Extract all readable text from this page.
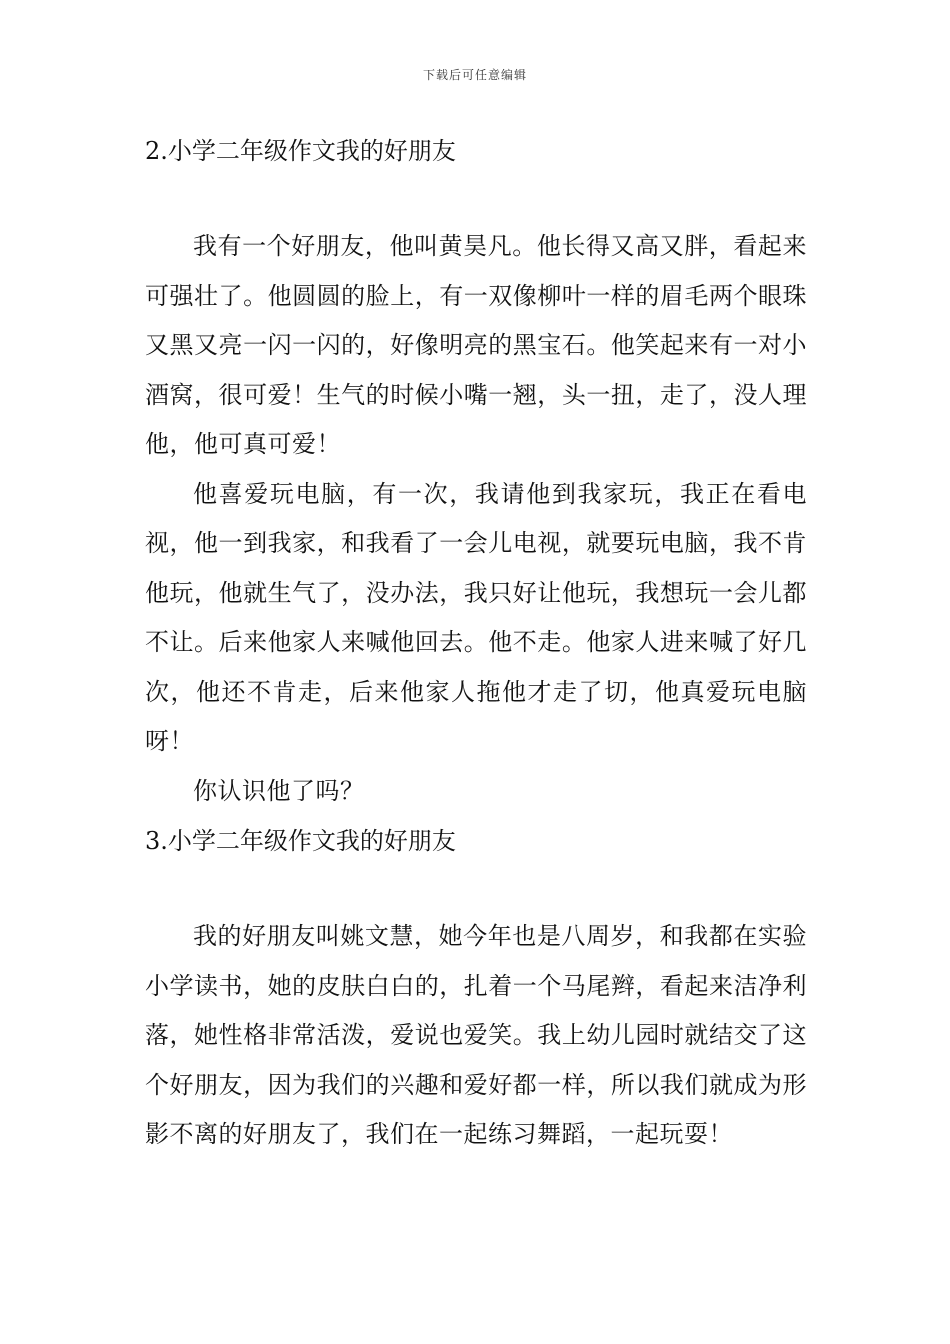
下载后可任意编辑
2.小学二年级作文我的好朋友

我有一个好朋友，他叫黄昊凡。他长得又高又胖，看起来可强壮了。他圆圆的脸上，有一双像柳叶一样的眉毛两个眼珠又黑又亮一闪一闪的，好像明亮的黑宝石。他笑起来有一对小酒窝，很可爱！生气的时候小嘴一翘，头一扭，走了，没人理他，他可真可爱！

他喜爱玩电脑，有一次，我请他到我家玩，我正在看电视，他一到我家，和我看了一会儿电视，就要玩电脑，我不肯他玩，他就生气了，没办法，我只好让他玩，我想玩一会儿都不让。后来他家人来喊他回去。他不走。他家人进来喊了好几次，他还不肯走，后来他家人拖他才走了切，他真爱玩电脑呀！

你认识他了吗？

3.小学二年级作文我的好朋友

我的好朋友叫姚文慧，她今年也是八周岁，和我都在实验小学读书，她的皮肤白白的，扎着一个马尾辫，看起来洁净利落，她性格非常活泼，爱说也爱笑。我上幼儿园时就结交了这个好朋友，因为我们的兴趣和爱好都一样，所以我们就成为形影不离的好朋友了，我们在一起练习舞蹈，一起玩耍！
